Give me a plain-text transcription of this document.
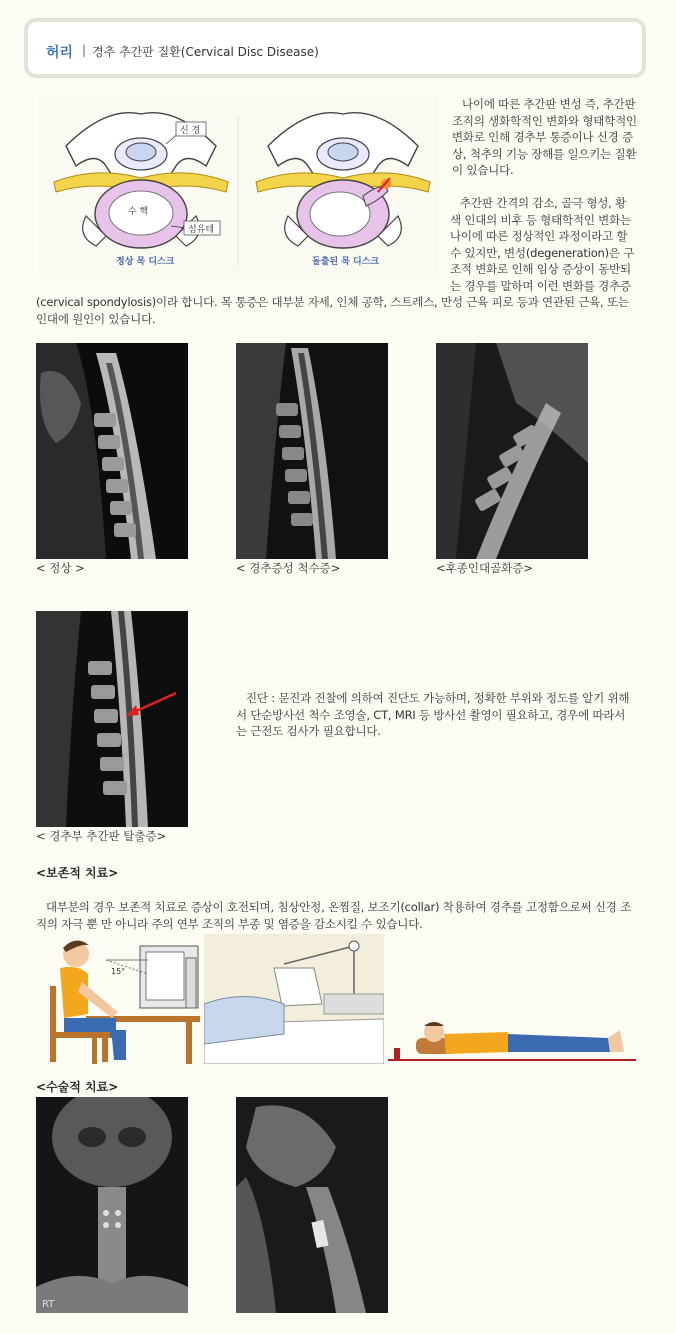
허리 | 경추 추간판 질환(Cervical Disc Disease)
수 핵
신 경
섬유테
정상 목 디스크	돌출된 목 디스크
나이에 따른 추간판 변성 즉, 추간판 조직의 생화학적인 변화와 형태학적인 변화로 인해 경추부 통증이나 신경 증상, 척추의 기능 장해를 일으키는 질환이 있습니다.
추간판 간격의 감소, 골극 형성, 황색 인대의 비후 등 형태학적인 변화는 나이에 따른 정상적인 과정이라고 할 수 있지만, 변성(degeneration)은 구조적 변화로 인해 임상 증상이 동반되는 경우를 말하며 이런 변화를 경추증(cervical spondylosis)이라 합니다. 목 통증은 대부분 자세, 인체 공학, 스트레스, 만성 근육 피로 등과 연관된 근육, 또는 인대에 원인이 있습니다.
< 정상 >	< 경추증성 척수증>	<후종인대골화증>
< 경추부 추간판 탈출증>
진단 : 문진과 진찰에 의하여 진단도 가능하며, 정확한 부위와 정도를 알기 위해서 단순방사선 척수 조영술, CT, MRI 등 방사선 촬영이 필요하고, 경우에 따라서는 근전도 검사가 필요합니다.
<보존적 치료>
대부분의 경우 보존적 치료로 증상이 호전되며, 침상안정, 온찜질, 보조기(collar) 착용하여 경추를 고정함으로써 신경 조직의 자극 뿐 만 아니라 주의 연부 조직의 부종 및 염증을 감소시킬 수 있습니다.
15°
<수술적 치료>
RT
